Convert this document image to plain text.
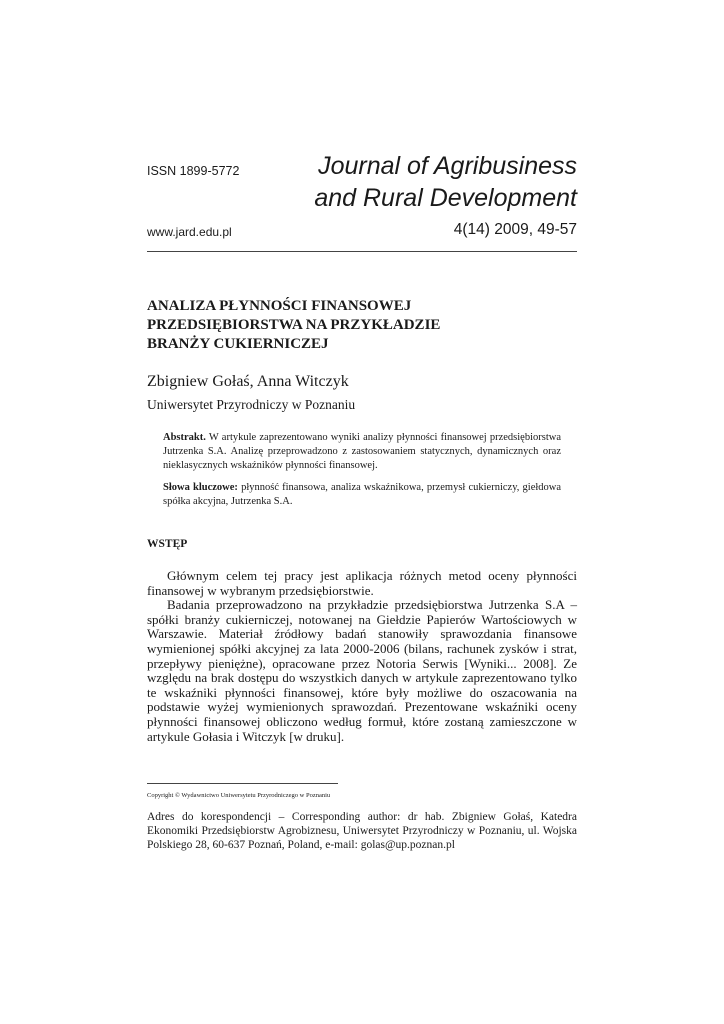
ISSN 1899-5772	Journal of Agribusiness
and Rural Development
www.jard.edu.pl	4(14) 2009, 49-57
ANALIZA PŁYNNOŚCI FINANSOWEJ
PRZEDSIĘBIORSTWA NA PRZYKŁADZIE
BRANŻY CUKIERNICZEJ
Zbigniew Gołaś, Anna Witczyk
Uniwersytet Przyrodniczy w Poznaniu
Abstrakt. W artykule zaprezentowano wyniki analizy płynności finansowej przedsiębiorstwa Jutrzenka S.A. Analizę przeprowadzono z zastosowaniem statycznych, dynamicznych oraz nieklasycznych wskaźników płynności finansowej.
Słowa kluczowe: płynność finansowa, analiza wskaźnikowa, przemysł cukierniczy, giełdowa spółka akcyjna, Jutrzenka S.A.
WSTĘP

Głównym celem tej pracy jest aplikacja różnych metod oceny płynności finansowej w wybranym przedsiębiorstwie.

Badania przeprowadzono na przykładzie przedsiębiorstwa Jutrzenka S.A – spółki branży cukierniczej, notowanej na Giełdzie Papierów Wartościowych w Warszawie. Materiał źródłowy badań stanowiły sprawozdania finansowe wymienionej spółki akcyjnej za lata 2000-2006 (bilans, rachunek zysków i strat, przepływy pieniężne), opracowane przez Notoria Serwis [Wyniki... 2008]. Ze względu na brak dostępu do wszystkich danych w artykule zaprezentowano tylko te wskaźniki płynności finansowej, które były możliwe do oszacowania na podstawie wyżej wymienionych sprawozdań. Prezentowane wskaźniki oceny płynności finansowej obliczono według formuł, które zostaną zamieszczone w artykule Gołasia i Witczyk [w druku].

Copyright © Wydawnictwo Uniwersytetu Przyrodniczego w Poznaniu
Adres do korespondencji – Corresponding author: dr hab. Zbigniew Gołaś, Katedra Ekonomiki Przedsiębiorstw Agrobiznesu, Uniwersytet Przyrodniczy w Poznaniu, ul. Wojska Polskiego 28, 60-637 Poznań, Poland, e-mail: golas@up.poznan.pl
